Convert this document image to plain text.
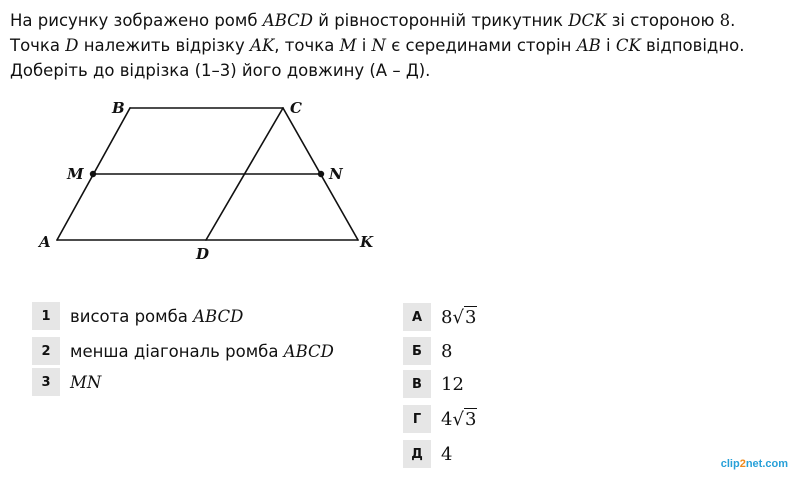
На рисунку зображено ромб ABCD й рівносторонній трикутник DCK зі стороною 8. Точка D належить відрізку AK, точка M і N є серединами сторін AB і CK відповідно. Доберіть до відрізка (1–3) його довжину (А – Д).
B	C
M	N
A
D
K
1	висота ромба ABCD
2	менша діагональ ромба ABCD
3	MN
А	8√3
Б	8
В	12
Г	4√3
Д	4	clip2net.com
